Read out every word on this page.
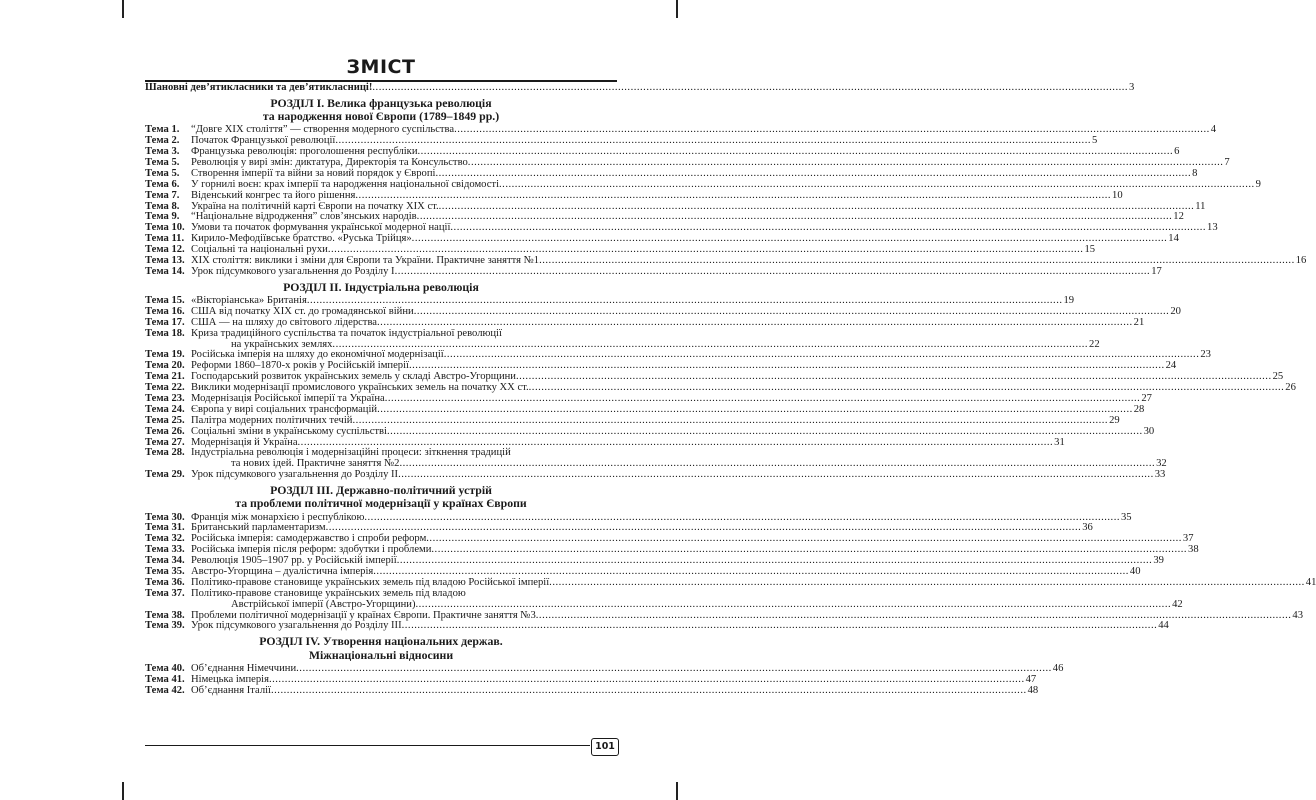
ЗМІСТ
Шановні дев’ятикласники та дев’ятикласниці! .....	3
РОЗДІЛ І. Велика французька революція
та народження нової Європи (1789–1849 рр.)
Тема 1.	“Довге ХІХ століття” — створення модерного суспільства .....	4
Тема 2.	Початок Французької революції .....	5
Тема 3.	Французька революція: проголошення республіки .....	6
Тема 5.	Революція у вирі змін: диктатура, Директорія та Консульство .....	7
Тема 5.	Створення імперії та війни за новий порядок у Європі .....	8
Тема 6.	У горнилі воєн: крах імперії та народження національної свідомості .....	9
Тема 7.	Віденський конгрес та його рішення .....	10
Тема 8.	Україна на політичній карті Європи на початку XIX ст. .....	11
Тема 9.	“Національне відродження” слов’янських народів .....	12
Тема 10. Умови та початок формування української модерної нації .....	13
Тема 11. Кирило-Мефодіївське братство. «Руська Трійця» .....	14
Тема 12. Соціальні та національні рухи .....	15
Тема 13. XIX століття: виклики і зміни для Європи та України. Практичне заняття №1 .....	16
Тема 14. Урок підсумкового узагальнення до Розділу І .....	17
РОЗДІЛ ІІ. Індустріальна революція
Тема 15. «Вікторіанська» Британія .....	19
Тема 16. США від початку ХІХ ст. до громадянської війни .....	20
Тема 17. США — на шляху до світового лідерства .....	21
Тема 18. Криза традиційного суспільства та початок індустріальної революції
на українських землях .....	22
Тема 19. Російська імперія на шляху до економічної модернізації .....	23
Тема 20. Реформи 1860–1870-х років у Російській імперії .....	24
Тема 21. Господарський розвиток українських земель у складі Австро-Угорщини .....	25
Тема 22. Виклики модернізації промислового українських земель на початку ХХ ст. .....	26
Тема 23. Модернізація Російської імперії та Україна .....	27
Тема 24. Європа у вирі соціальних трансформацій .....	28
Тема 25. Палітра модерних політичних течій .....	29
Тема 26. Соціальні зміни в українському суспільстві .....	30
Тема 27. Модернізація й Україна .....	31
Тема 28. Індустріальна революція і модернізаційні процеси: зіткнення традицій
та нових ідей. Практичне заняття №2 .....	32
Тема 29. Урок підсумкового узагальнення до Розділу ІІ .....	33
РОЗДІЛ ІІІ. Державно-політичний устрій
та проблеми політичної модернізації у країнах Європи
Тема 30. Франція між монархією і республікою .....	35
Тема 31. Британський парламентаризм .....	36
Тема 32. Російська імперія: самодержавство і спроби реформ .....	37
Тема 33. Російська імперія після реформ: здобутки і проблеми .....	38
Тема 34. Революція 1905–1907 рр. у Російській імперії .....	39
Тема 35. Австро-Угорщина – дуалістична імперія .....	40
Тема 36. Політико-правове становище українських земель під владою Російської імперії .....	41
Тема 37. Політико-правове становище українських земель під владою
Австрійської імперії (Австро-Угорщини) .....	42
Тема 38. Проблеми політичної модернізації у країнах Європи. Практичне заняття №3 .....	43
Тема 39. Урок підсумкового узагальнення до Розділу ІІІ .....	44
РОЗДІЛ IV. Утворення національних держав.
Міжнаціональні відносини
Тема 40. Об’єднання Німеччини .....	46
Тема 41. Німецька імперія .....	47
Тема 42. Об’єднання Італії .....	48
101
